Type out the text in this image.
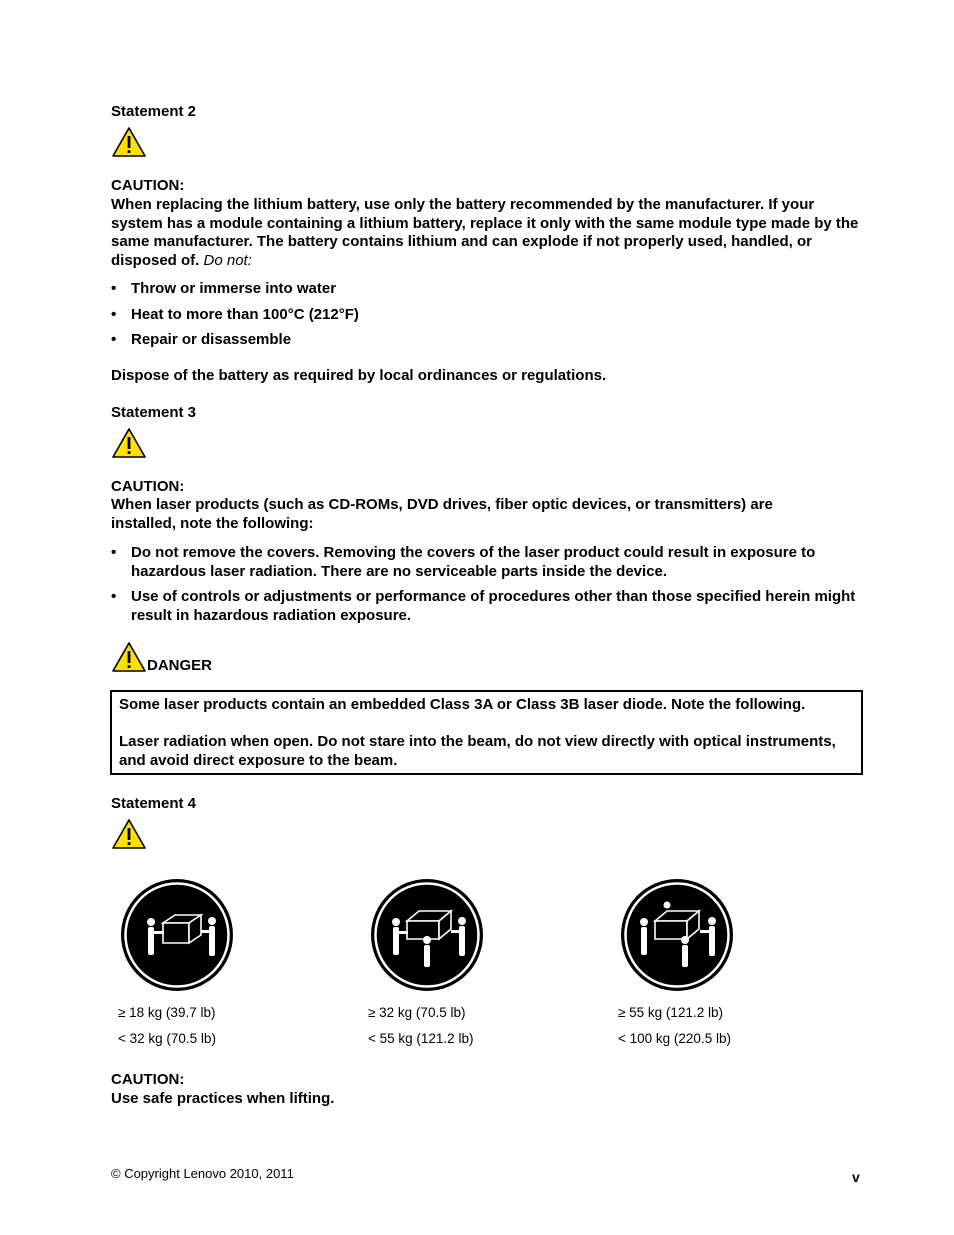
Statement 2
CAUTION:
When replacing the lithium battery, use only the battery recommended by the manufacturer. If your system has a module containing a lithium battery, replace it only with the same module type made by the same manufacturer. The battery contains lithium and can explode if not properly used, handled, or disposed of. Do not:
• Throw or immerse into water
• Heat to more than 100°C (212°F)
• Repair or disassemble
Dispose of the battery as required by local ordinances or regulations.
Statement 3
CAUTION:
When laser products (such as CD-ROMs, DVD drives, fiber optic devices, or transmitters) are installed, note the following:
• Do not remove the covers. Removing the covers of the laser product could result in exposure to hazardous laser radiation. There are no serviceable parts inside the device.
• Use of controls or adjustments or performance of procedures other than those specified herein might result in hazardous radiation exposure.
DANGER

Some laser products contain an embedded Class 3A or Class 3B laser diode. Note the following.

Laser radiation when open. Do not stare into the beam, do not view directly with optical instruments, and avoid direct exposure to the beam.

Statement 4
≥ 18 kg (39.7 lb)
< 32 kg (70.5 lb)
≥ 32 kg (70.5 lb)
< 55 kg (121.2 lb)
≥ 55 kg (121.2 lb)
< 100 kg (220.5 lb)
CAUTION:
Use safe practices when lifting.
© Copyright Lenovo 2010, 2011	v
